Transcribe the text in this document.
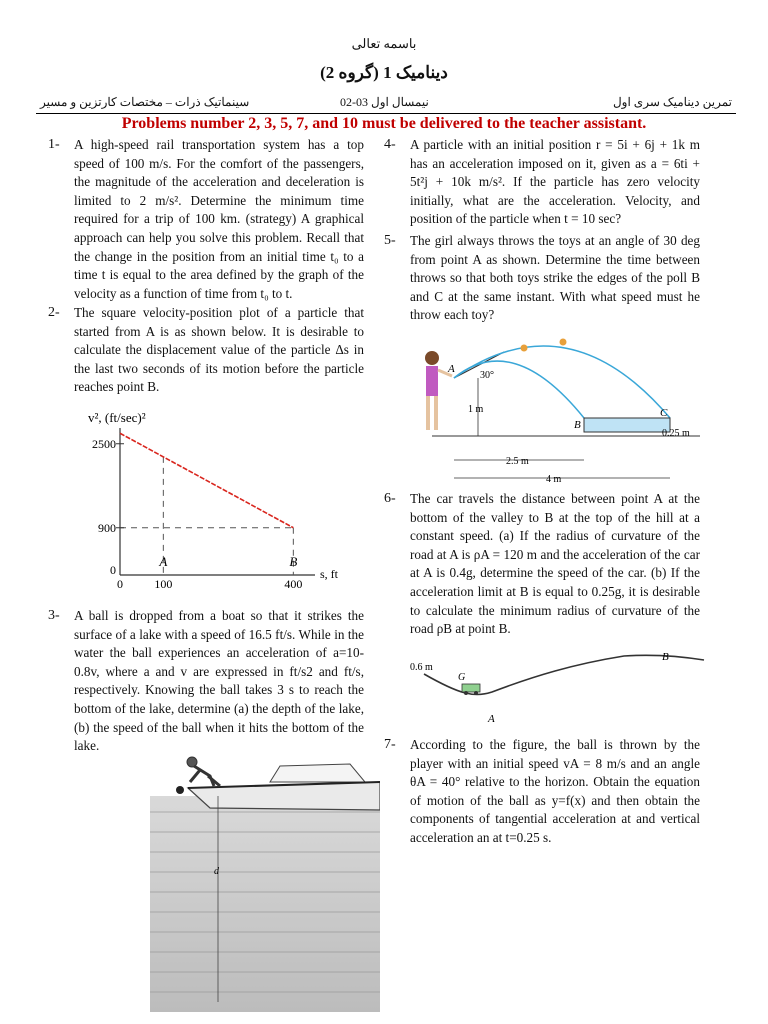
باسمه تعالی
دینامیک 1 (گروه 2)
تمرین دینامیک سری اول
نیمسال اول 03-02
سینماتیک ذرات – مختصات کارتزین و مسیر
Problems number 2, 3, 5, 7, and 10 must be delivered to the teacher assistant.
1- A high-speed rail transportation system has a top speed of 100 m/s. For the comfort of the passengers, the magnitude of the acceleration and deceleration is limited to 2 m/s². Determine the minimum time required for a trip of 100 km. (strategy) A graphical approach can help you solve this problem. Recall that the change in the position from an initial time t₀ to a time t is equal to the area defined by the graph of the velocity as a function of time from t₀ to t.
2- The square velocity-position plot of a particle that started from A is as shown below. It is desirable to calculate the displacement value of the particle Δs in the last two seconds of its motion before the particle reaches point B.
v², (ft/sec)²
2500
900
0
0	100	400
A	B
s, ft
3- A ball is dropped from a boat so that it strikes the surface of a lake with a speed of 16.5 ft/s. While in the water the ball experiences an acceleration of a=10-0.8v, where a and v are expressed in ft/s2 and ft/s, respectively. Knowing the ball takes 3 s to reach the bottom of the lake, determine (a) the depth of the lake, (b) the speed of the ball when it hits the bottom of the lake.
d
4- A particle with an initial position r = 5i + 6j + 1k m has an acceleration imposed on it, given as a = 6ti + 5t²j + 10k m/s². If the particle has zero velocity initially, what are the acceleration. Velocity, and position of the particle when t = 10 sec?
5- The girl always throws the toys at an angle of 30 deg from point A as shown. Determine the time between throws so that both toys strike the edges of the poll B and C at the same instant. With what speed must he throw each toy?
A
1 m
30°
B
C
0.25 m
2.5 m
4 m
6- The car travels the distance between point A at the bottom of the valley to B at the top of the hill at a constant speed. (a) If the radius of curvature of the road at A is ρA = 120 m and the acceleration of the car at A is 0.4g, determine the speed of the car. (b) If the acceleration limit at B is equal to 0.25g, it is desirable to calculate the minimum radius of curvature of the road ρB at point B.
0.6 m
G
A
B
7- According to the figure, the ball is thrown by the player with an initial speed vA = 8 m/s and an angle θA = 40° relative to the horizon. Obtain the equation of motion of the ball as y=f(x) and then obtain the components of tangential acceleration at and vertical acceleration an at t=0.25 s.
